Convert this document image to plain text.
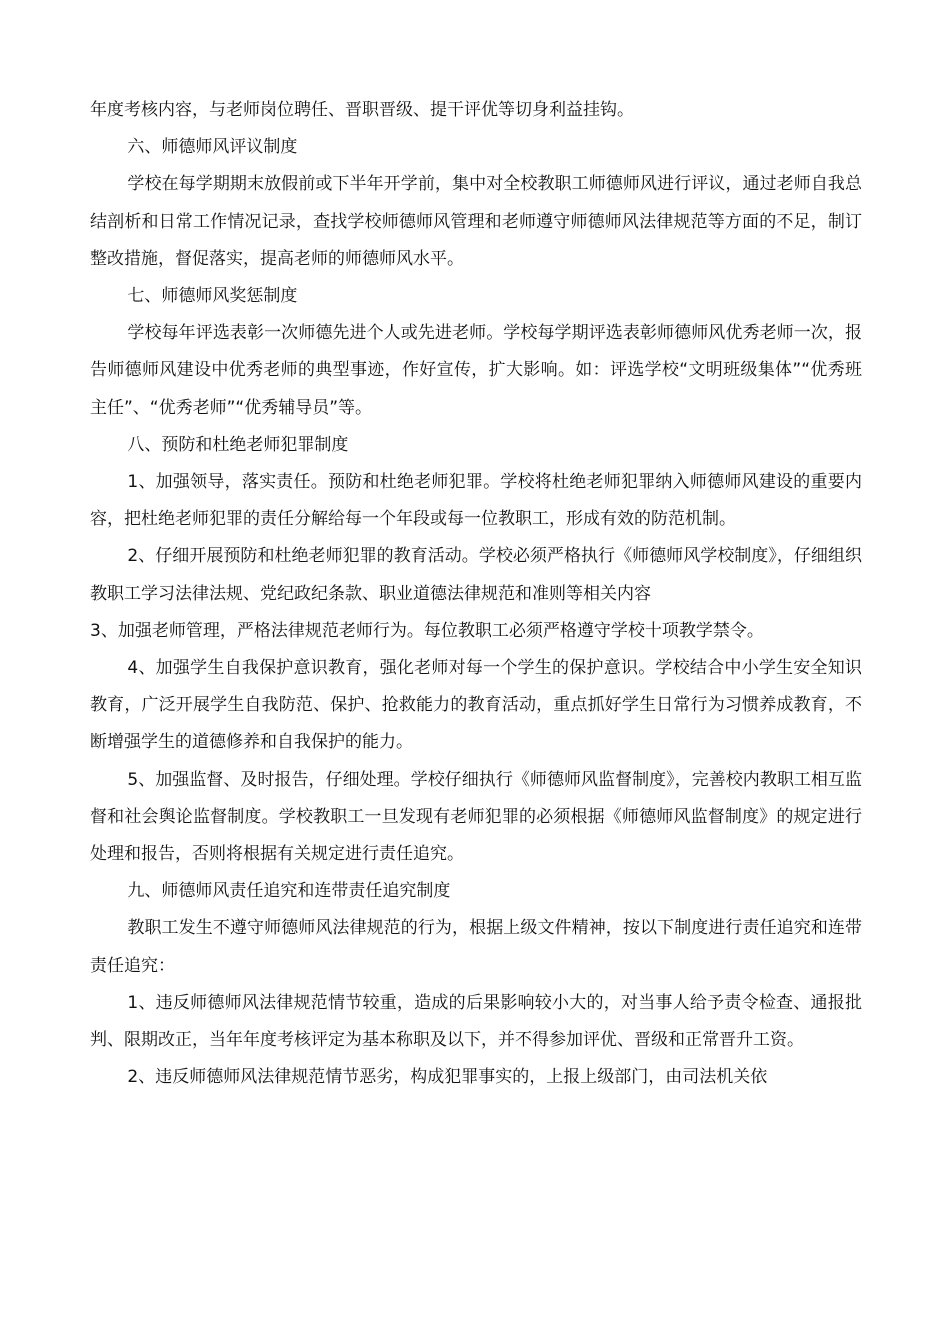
年度考核内容，与老师岗位聘任、晋职晋级、提干评优等切身利益挂钩。

六、师德师风评议制度

学校在每学期期末放假前或下半年开学前，集中对全校教职工师德师风进行评议，通过老师自我总结剖析和日常工作情况记录，查找学校师德师风管理和老师遵守师德师风法律规范等方面的不足，制订整改措施，督促落实，提高老师的师德师风水平。

七、师德师风奖惩制度

学校每年评选表彰一次师德先进个人或先进老师。学校每学期评选表彰师德师风优秀老师一次，报告师德师风建设中优秀老师的典型事迹，作好宣传，扩大影响。如：评选学校“文明班级集体”“优秀班主任”、“优秀老师”“优秀辅导员”等。

八、预防和杜绝老师犯罪制度

1、加强领导，落实责任。预防和杜绝老师犯罪。学校将杜绝老师犯罪纳入师德师风建设的重要内容，把杜绝老师犯罪的责任分解给每一个年段或每一位教职工，形成有效的防范机制。

2、仔细开展预防和杜绝老师犯罪的教育活动。学校必须严格执行《师德师风学校制度》，仔细组织教职工学习法律法规、党纪政纪条款、职业道德法律规范和准则等相关内容

3、加强老师管理，严格法律规范老师行为。每位教职工必须严格遵守学校十项教学禁令。

4、加强学生自我保护意识教育，强化老师对每一个学生的保护意识。学校结合中小学生安全知识教育，广泛开展学生自我防范、保护、抢救能力的教育活动，重点抓好学生日常行为习惯养成教育，不断增强学生的道德修养和自我保护的能力。

5、加强监督、及时报告，仔细处理。学校仔细执行《师德师风监督制度》，完善校内教职工相互监督和社会舆论监督制度。学校教职工一旦发现有老师犯罪的必须根据《师德师风监督制度》的规定进行处理和报告，否则将根据有关规定进行责任追究。

九、师德师风责任追究和连带责任追究制度

教职工发生不遵守师德师风法律规范的行为，根据上级文件精神，按以下制度进行责任追究和连带责任追究：

1、违反师德师风法律规范情节较重，造成的后果影响较小大的，对当事人给予责令检查、通报批判、限期改正，当年年度考核评定为基本称职及以下，并不得参加评优、晋级和正常晋升工资。

2、违反师德师风法律规范情节恶劣，构成犯罪事实的，上报上级部门，由司法机关依
